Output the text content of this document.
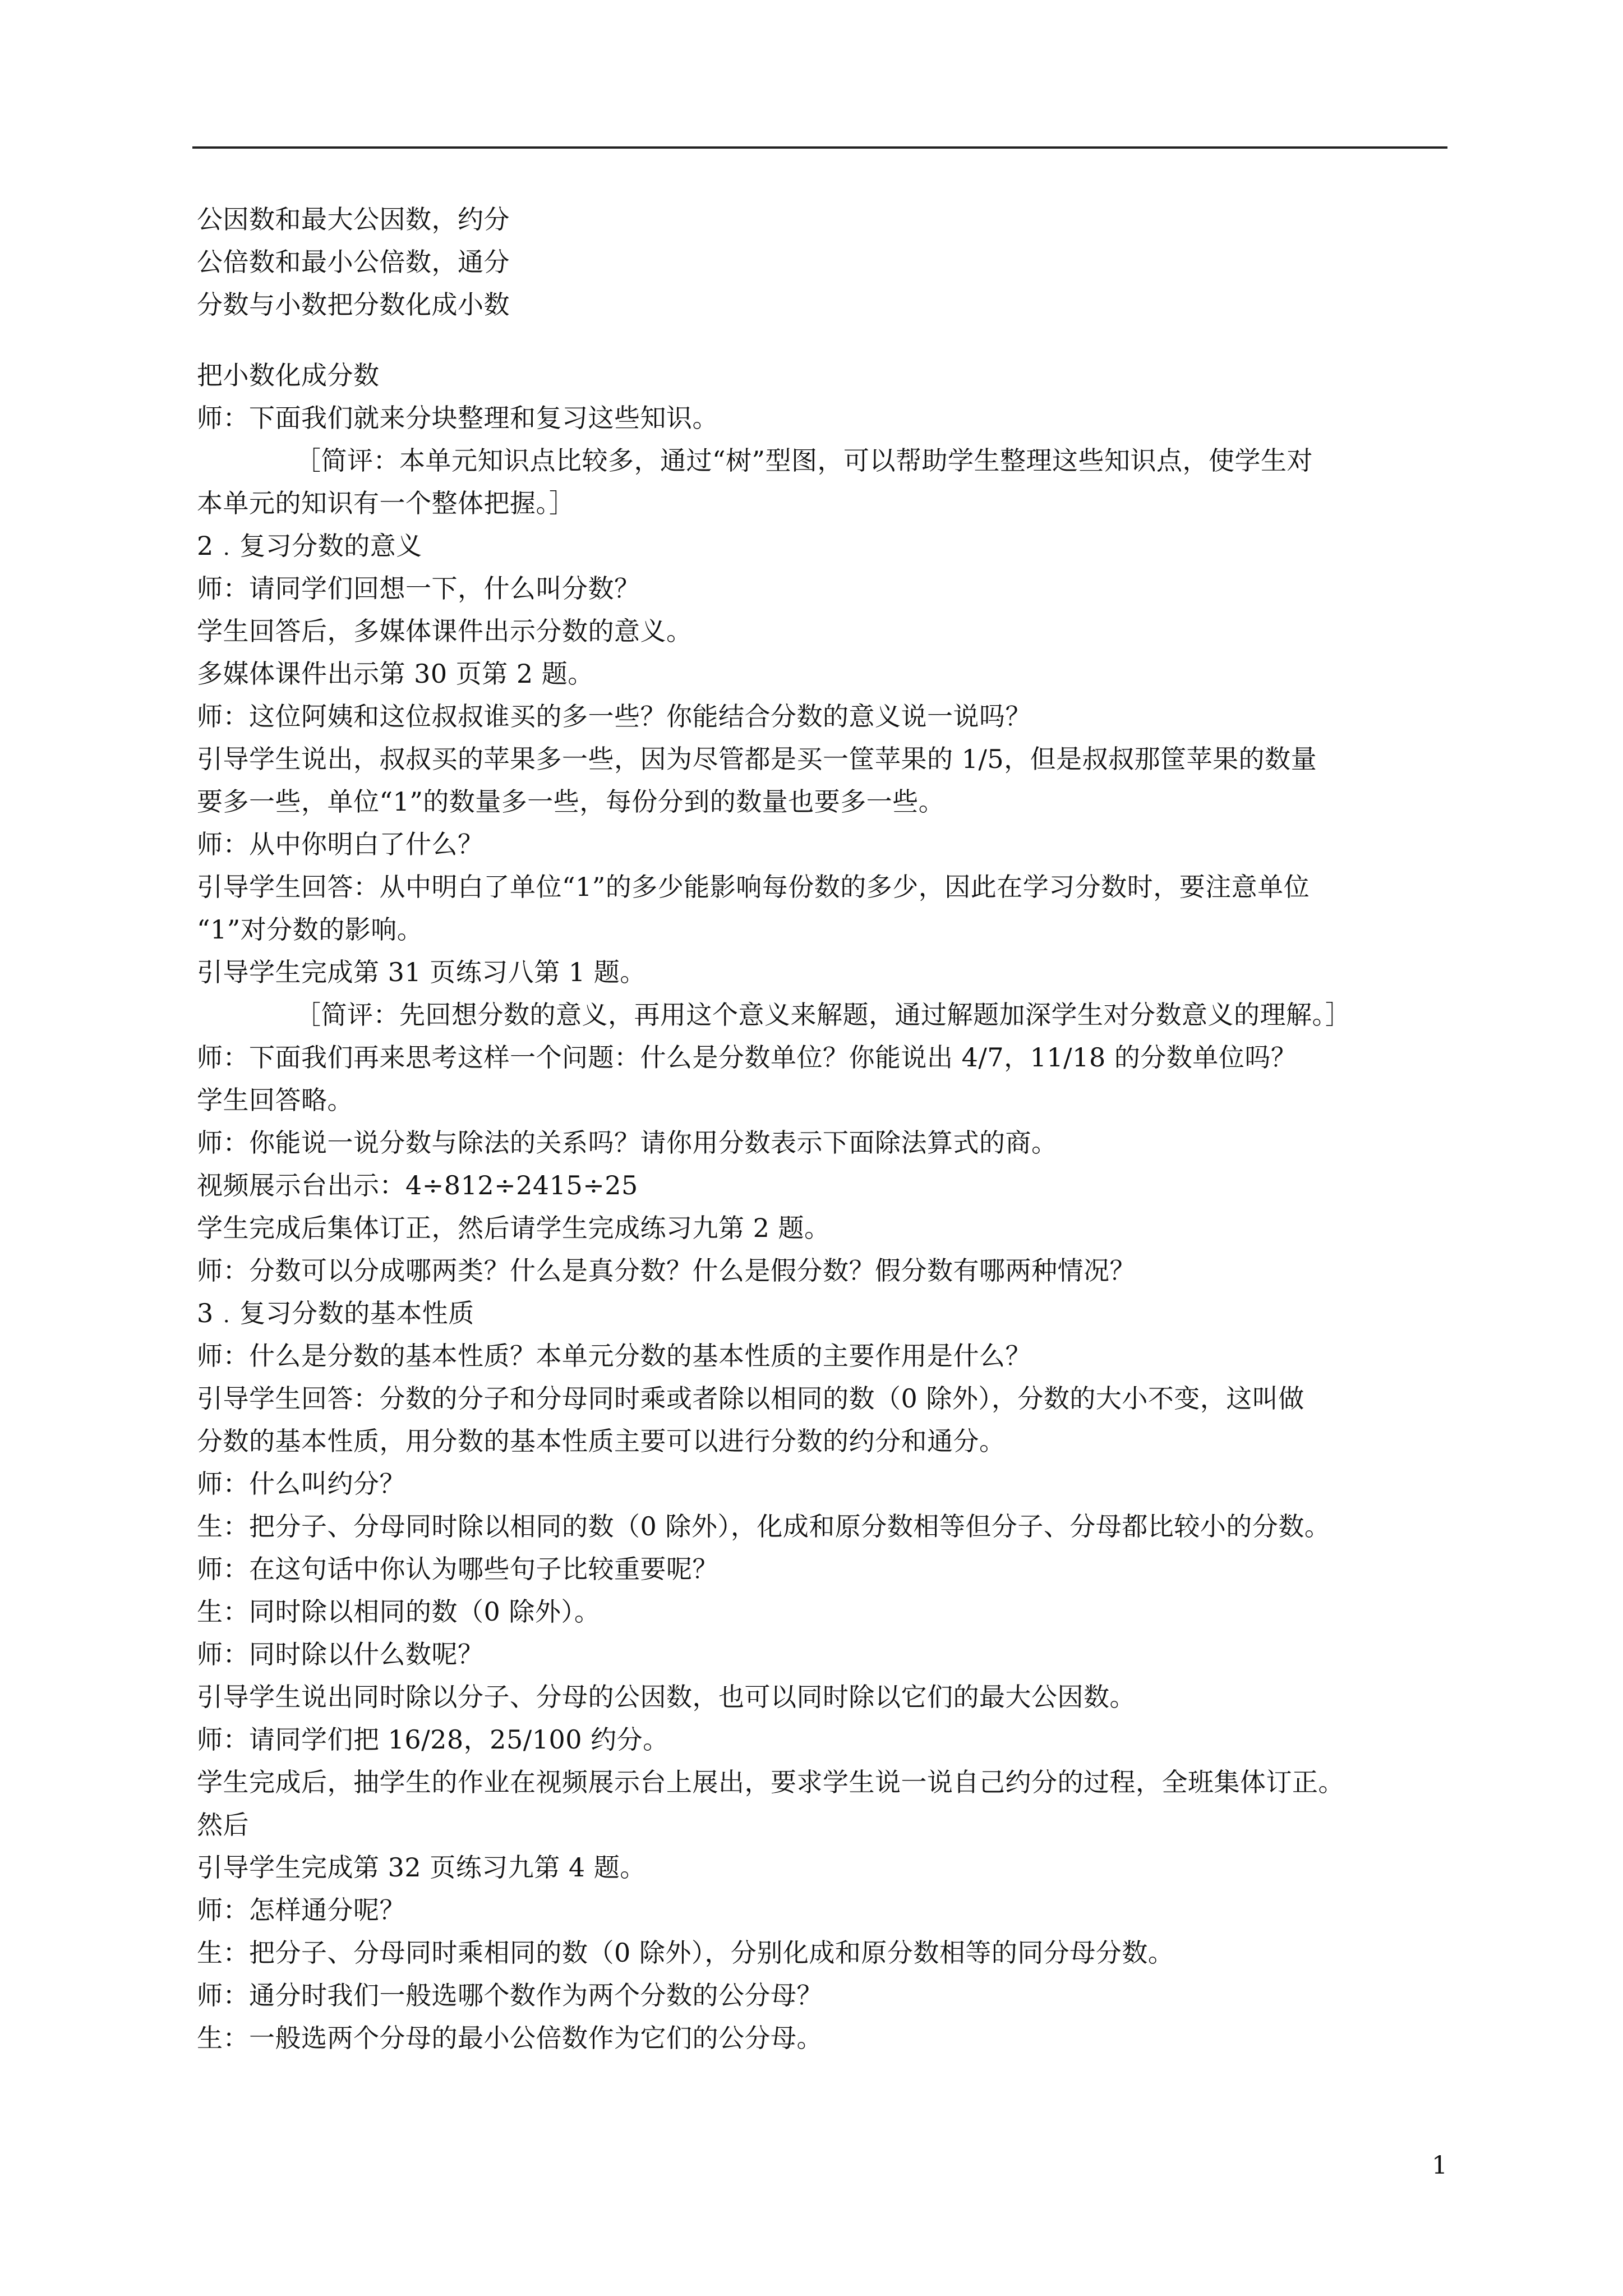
公因数和最大公因数，约分
公倍数和最小公倍数，通分
分数与小数把分数化成小数
把小数化成分数
师：下面我们就来分块整理和复习这些知识。
［简评：本单元知识点比较多，通过“树”型图，可以帮助学生整理这些知识点，使学生对
本单元的知识有一个整体把握。］
2﹒复习分数的意义
师：请同学们回想一下，什么叫分数？
学生回答后，多媒体课件出示分数的意义。
多媒体课件出示第 30 页第 2 题。
师：这位阿姨和这位叔叔谁买的多一些？你能结合分数的意义说一说吗？
引导学生说出，叔叔买的苹果多一些，因为尽管都是买一筐苹果的 1/5，但是叔叔那筐苹果的数量
要多一些，单位“1”的数量多一些，每份分到的数量也要多一些。
师：从中你明白了什么？
引导学生回答：从中明白了单位“1”的多少能影响每份数的多少，因此在学习分数时，要注意单位
“1”对分数的影响。
引导学生完成第 31 页练习八第 1 题。
［简评：先回想分数的意义，再用这个意义来解题，通过解题加深学生对分数意义的理解。］
师：下面我们再来思考这样一个问题：什么是分数单位？你能说出 4/7，11/18 的分数单位吗？
学生回答略。
师：你能说一说分数与除法的关系吗？请你用分数表示下面除法算式的商。
视频展示台出示：4÷812÷2415÷25
学生完成后集体订正，然后请学生完成练习九第 2 题。
师：分数可以分成哪两类？什么是真分数？什么是假分数？假分数有哪两种情况？
3﹒复习分数的基本性质
师：什么是分数的基本性质？本单元分数的基本性质的主要作用是什么？
引导学生回答：分数的分子和分母同时乘或者除以相同的数（0 除外），分数的大小不变，这叫做
分数的基本性质，用分数的基本性质主要可以进行分数的约分和通分。
师：什么叫约分？
生：把分子、分母同时除以相同的数（0 除外），化成和原分数相等但分子、分母都比较小的分数。
师：在这句话中你认为哪些句子比较重要呢？
生：同时除以相同的数（0 除外）。
师：同时除以什么数呢？
引导学生说出同时除以分子、分母的公因数，也可以同时除以它们的最大公因数。
师：请同学们把 16/28，25/100 约分。
学生完成后，抽学生的作业在视频展示台上展出，要求学生说一说自己约分的过程，全班集体订正。
然后
引导学生完成第 32 页练习九第 4 题。
师：怎样通分呢？
生：把分子、分母同时乘相同的数（0 除外），分别化成和原分数相等的同分母分数。
师：通分时我们一般选哪个数作为两个分数的公分母？
生：一般选两个分母的最小公倍数作为它们的公分母。
1
